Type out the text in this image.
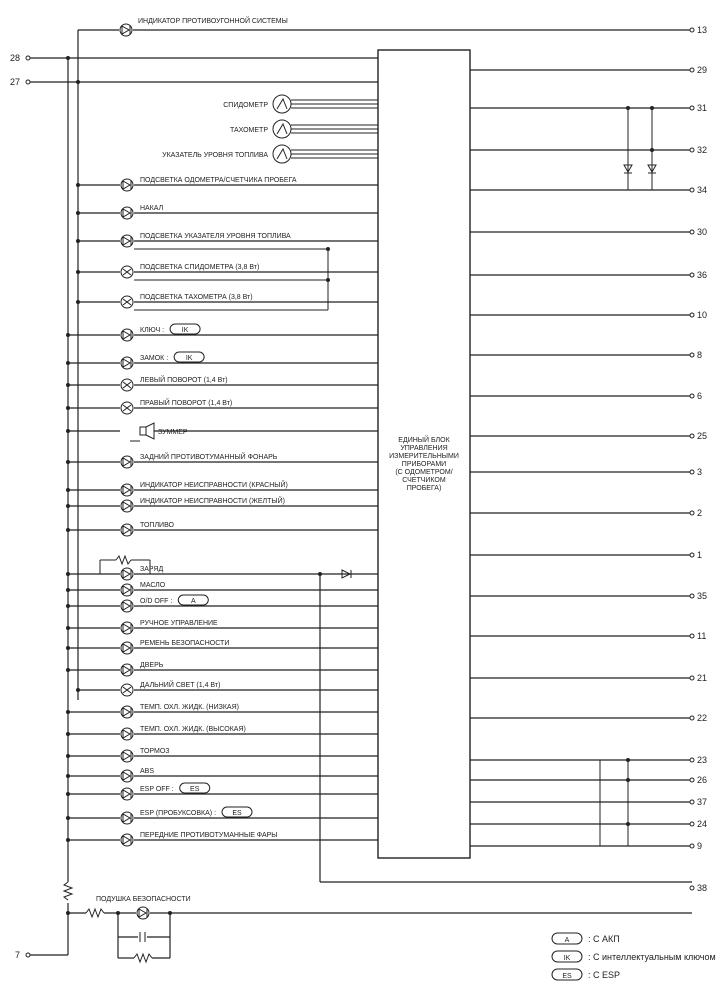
ПОДСВЕТКА ОДОМЕТРА/СЧЕТЧИКА ПРОБЕГА
НАКАЛ
ПОДСВЕТКА УКАЗАТЕЛЯ УРОВНЯ ТОПЛИВА
ПОДСВЕТКА СПИДОМЕТРА (3,8 Вт)
ПОДСВЕТКА ТАХОМЕТРА (3,8 Вт)
КЛЮЧ :	IK
ЗАМОК :	IK
ЛЕВЫЙ ПОВОРОТ (1,4 Вт)
ПРАВЫЙ ПОВОРОТ (1,4 Вт)
ЗУММЕР
ЗАДНИЙ ПРОТИВОТУМАННЫЙ ФОНАРЬ
ИНДИКАТОР НЕИСПРАВНОСТИ (КРАСНЫЙ)
ИНДИКАТОР НЕИСПРАВНОСТИ (ЖЕЛТЫЙ)
ТОПЛИВО
ЗАРЯД
МАСЛО
O/D OFF :	A
РУЧНОЕ УПРАВЛЕНИЕ
РЕМЕНЬ БЕЗОПАСНОСТИ
ДВЕРЬ
ДАЛЬНИЙ СВЕТ (1,4 Вт)
ТЕМП. ОХЛ. ЖИДК. (НИЗКАЯ)
ТЕМП. ОХЛ. ЖИДК. (ВЫСОКАЯ)
ТОРМОЗ
ABS
ESP OFF : ES
ESP (ПРОБУКСОВКА) : ES
ПЕРЕДНИЕ ПРОТИВОТУМАННЫЕ ФАРЫ
ЕДИНЫЙ БЛОК
УПРАВЛЕНИЯ
ИЗМЕРИТЕЛЬНЫМИ
ПРИБОРАМИ
(С ОДОМЕТРОМ/
СЧЕТЧИКОМ
ПРОБЕГА)
ИНДИКАТОР ПРОТИВОУГОННОЙ СИСТЕМЫ
СПИДОМЕТР
ТАХОМЕТР
УКАЗАТЕЛЬ УРОВНЯ ТОПЛИВА
28
27
7
13
29
31
32
34
30
36
10
8
6
25
3
2
1
35
11
21
22
23
26
37
24
9
38
ПОДУШКА БЕЗОПАСНОСТИ
A : С АКП
IK : С интеллектуальным ключом
ES : С ESP
